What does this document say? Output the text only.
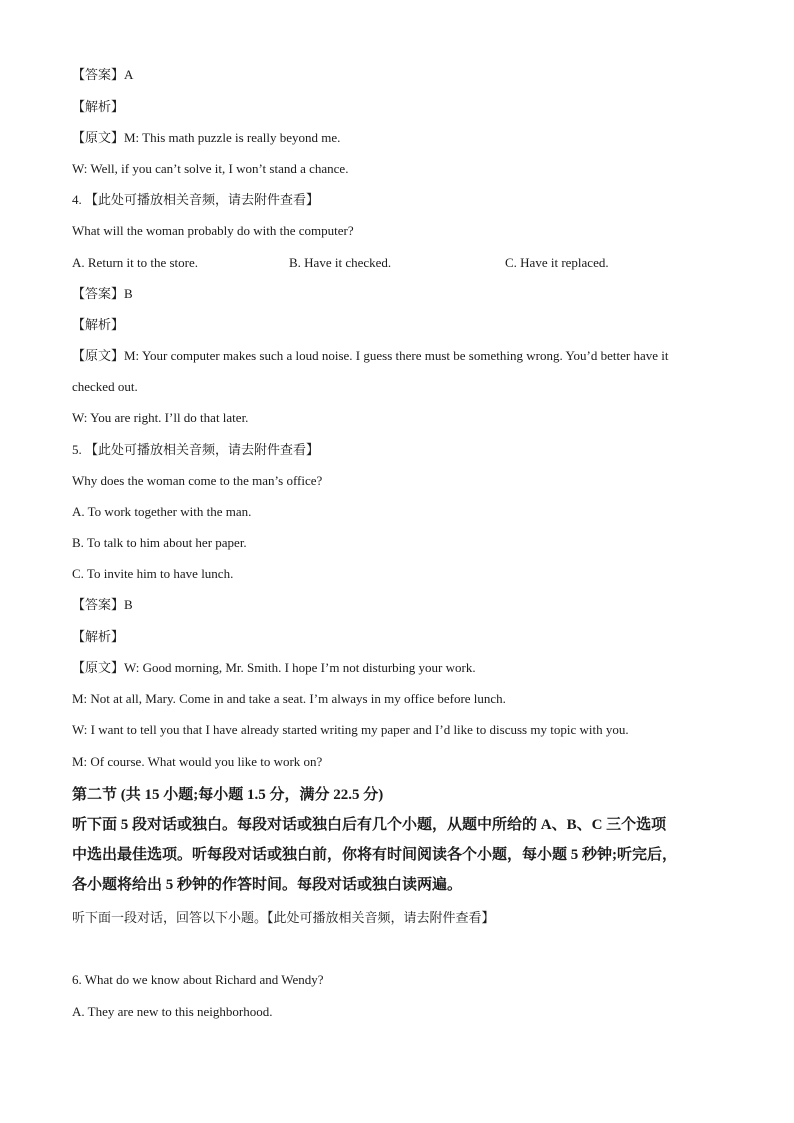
【答案】A
【解析】
【原文】M: This math puzzle is really beyond me.
W: Well, if you can’t solve it, I won’t stand a chance.
4. 【此处可播放相关音频，请去附件查看】
What will the woman probably do with the computer?
A. Return it to the store.	B. Have it checked.	C. Have it replaced.
【答案】B
【解析】
【原文】M: Your computer makes such a loud noise. I guess there must be something wrong. You’d better have it
checked out.
W: You are right. I’ll do that later.
5. 【此处可播放相关音频，请去附件查看】
Why does the woman come to the man’s office?
A. To work together with the man.
B. To talk to him about her paper.
C. To invite him to have lunch.
【答案】B
【解析】
【原文】W: Good morning, Mr. Smith. I hope I’m not disturbing your work.
M: Not at all, Mary. Come in and take a seat. I’m always in my office before lunch.
W: I want to tell you that I have already started writing my paper and I’d like to discuss my topic with you.
M: Of course. What would you like to work on?
第二节 (共 15 小题;每小题 1.5 分，满分 22.5 分)
听下面 5 段对话或独白。每段对话或独白后有几个小题，从题中所给的 A、B、C 三个选项
中选出最佳选项。听每段对话或独白前，你将有时间阅读各个小题，每小题 5 秒钟;听完后，
各小题将给出 5 秒钟的作答时间。每段对话或独白读两遍。
听下面一段对话，回答以下小题。【此处可播放相关音频，请去附件查看】
6. What do we know about Richard and Wendy?
A. They are new to this neighborhood.
